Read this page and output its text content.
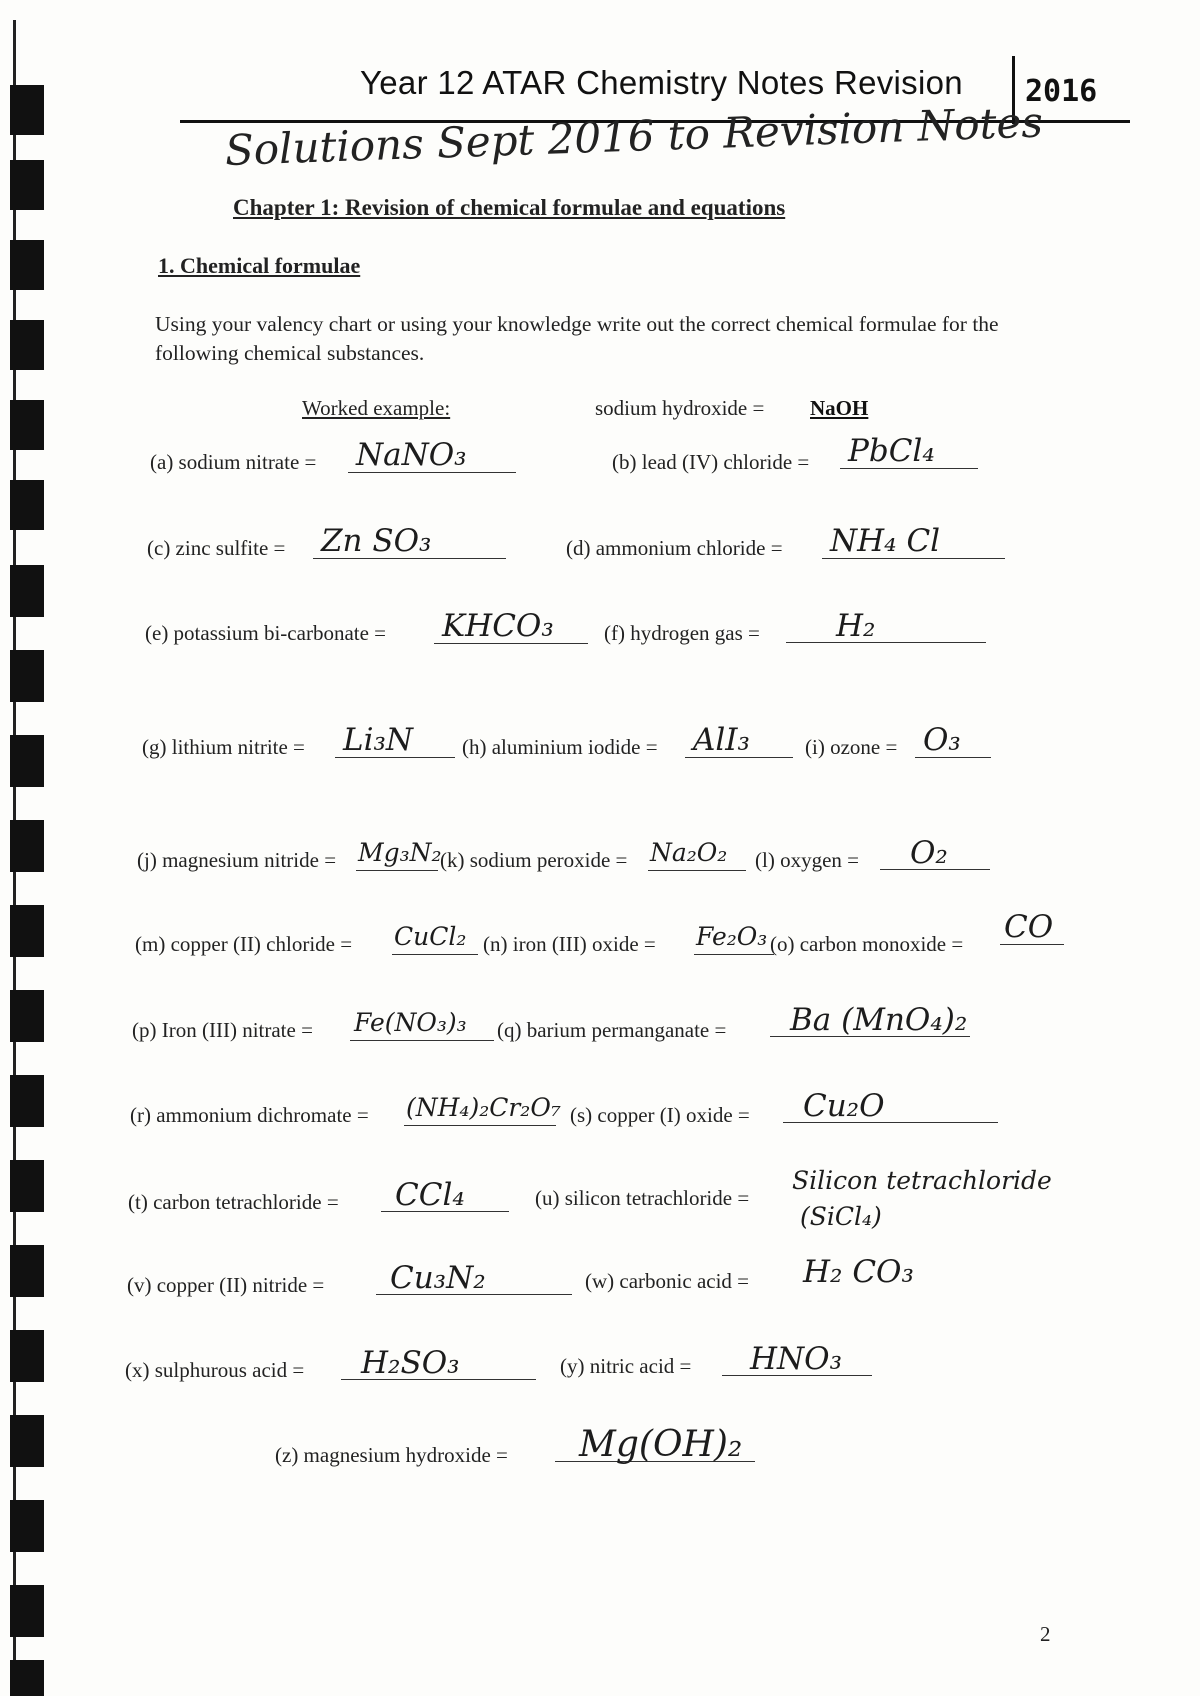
Year 12 ATAR Chemistry Notes Revision 2016
Solutions Sept 2016 to Revision Notes
Chapter 1: Revision of chemical formulae and equations
1. Chemical formulae
Using your valency chart or using your knowledge write out the correct chemical formulae for the following chemical substances.
Worked example:	sodium hydroxide = NaOH
(a) sodium nitrate = NaNO₃	(b) lead (IV) chloride = PbCl₄
(c) zinc sulfite = Zn SO₃	(d) ammonium chloride = NH₄ Cl
(e) potassium bi-carbonate = KHCO₃	(f) hydrogen gas =	H₂
(g) lithium nitrite = Li₃N	(h) aluminium iodide = AlI₃	(i) ozone = O₃
(j) magnesium nitride = Mg₃N₂
(k) sodium peroxide = Na₂O₂	(l) oxygen =	O₂
(m) copper (II) chloride = CuCl₂ (n) iron (III) oxide = Fe₂O₃ (o) carbon monoxide = CO
(p) Iron (III) nitrate = Fe(NO₃)₃	(q) barium permanganate =	Ba (MnO₄)₂
(r) ammonium dichromate = (NH₄)₂Cr₂O₇ (s) copper (I) oxide =	Cu₂O
(t) carbon tetrachloride =	CCl₄	(u) silicon tetrachloride =
Silicon tetrachloride
(SiCl₄)
(v) copper (II) nitride =	Cu₃N₂	(w) carbonic acid = H₂ CO₃
(x) sulphurous acid =	H₂SO₃	(y) nitric acid =	HNO₃
(z) magnesium hydroxide =	Mg(OH)₂
2
